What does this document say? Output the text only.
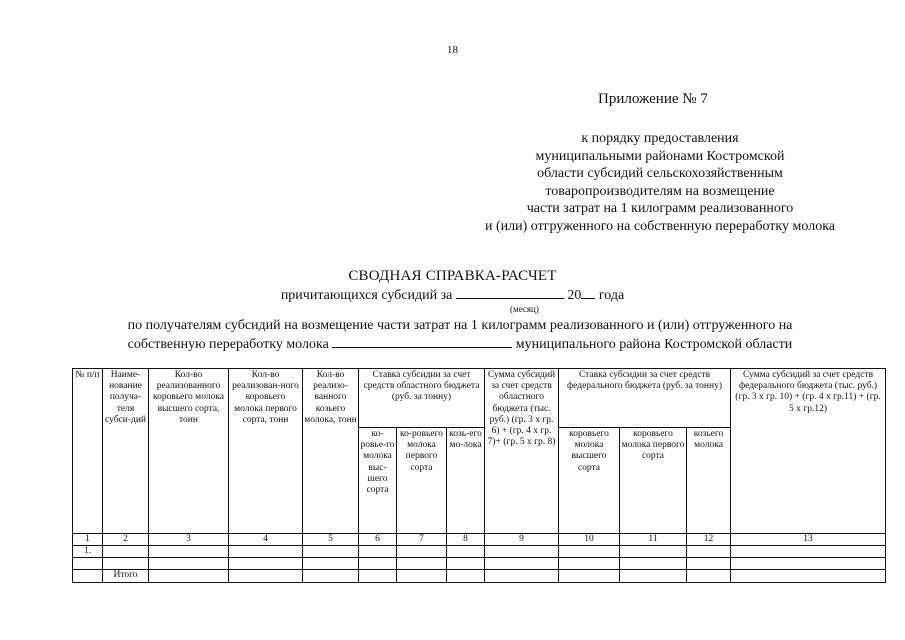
18
Приложение № 7
к порядку предоставления
муниципальными районами Костромской
области субсидий сельскохозяйственным
товаропроизводителям на возмещение
части затрат на 1 килограмм реализованного
и (или) отгруженного на собственную переработку молока
СВОДНАЯ СПРАВКА-РАСЧЕТ
причитающихся субсидий за	20 года
(месяц)
по получателям субсидий на возмещение части затрат на 1 килограмм реализованного и (или) отгруженного на
собственную переработку молока	муниципального района Костромской области
№ п/п	Наиме-нование получа-теля субси-дий	Кол-во реализованного коровьего молока высшего сорта, тонн	Кол-во реализован-ного коровьего молока первого сорта, тонн	Кол-во реализо-ванного козьего молока, тонн	Ставка субсидии за счет средств областного бюджета (руб. за тонну)			Сумма субсидий за счет средств областного бюджета (тыс. руб.) (гр. 3 х гр. 6) + (гр. 4 х гр. 7)+ (гр. 5 х гр. 8)	Ставка субсидии за счет средств федерального бюджета (руб. за тонну)			Сумма субсидий за счет средств федерального бюджета (тыс. руб.) (гр. 3 х гр. 10) + (гр. 4 х гр.11) + (гр. 5 х гр.12)
					ко-ровье-го молока выс-шего сорта	ко-ровьего молока первого сорта	козь-его мо-лока		коровьего молока высшего сорта	коровьего молока первого сорта	козьего молока	
1	2	3	4	5	6	7	8	9	10	11	12	13
1.												

	Итого											
